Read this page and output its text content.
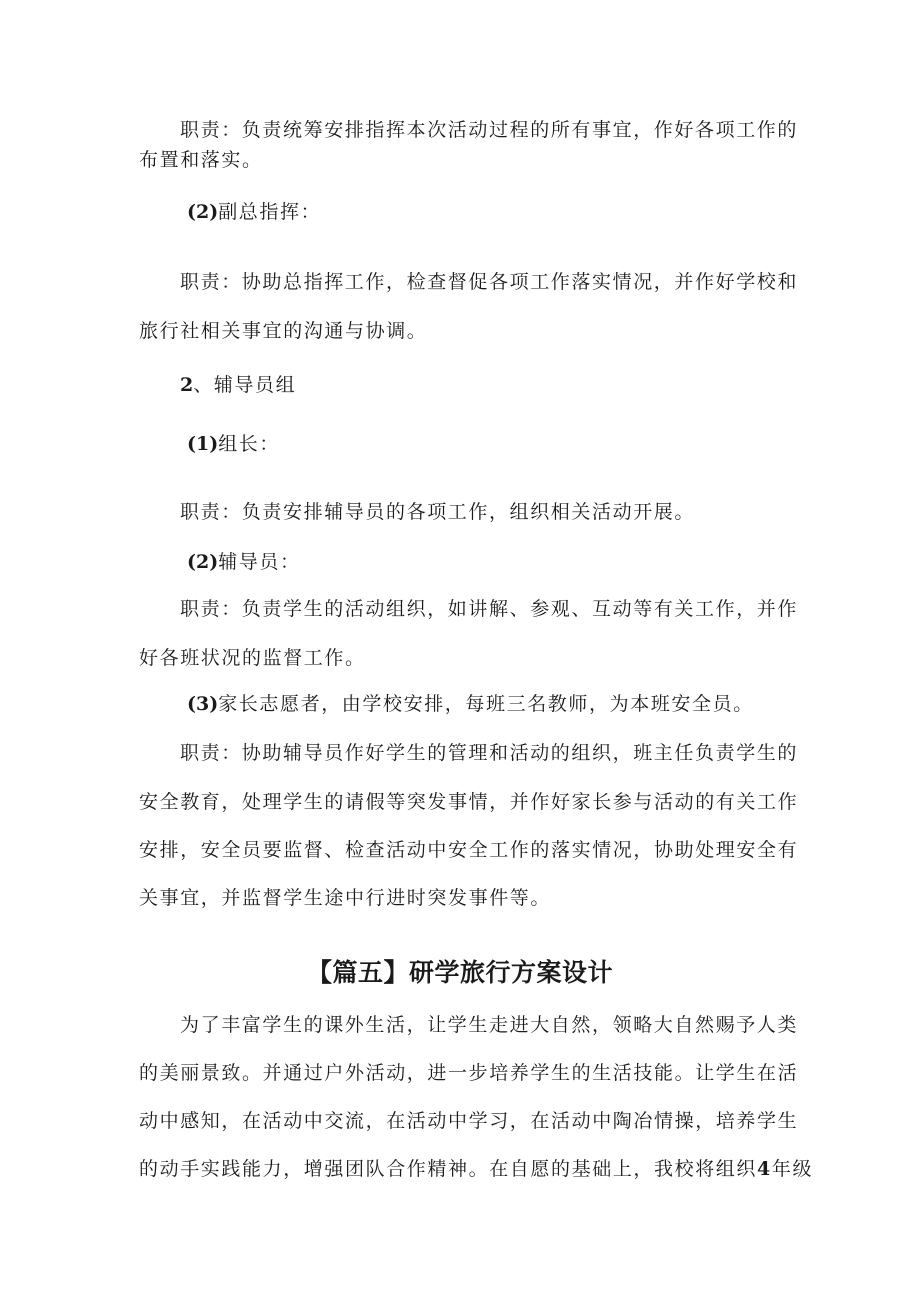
职责：负责统筹安排指挥本次活动过程的所有事宜，作好各项工作的
布置和落实。
(2)副总指挥：
职责：协助总指挥工作，检查督促各项工作落实情况，并作好学校和
旅行社相关事宜的沟通与协调。
2、辅导员组
(1)组长：
职责：负责安排辅导员的各项工作，组织相关活动开展。
(2)辅导员：
职责：负责学生的活动组织，如讲解、参观、互动等有关工作，并作
好各班状况的监督工作。
(3)家长志愿者，由学校安排，每班三名教师，为本班安全员。
职责：协助辅导员作好学生的管理和活动的组织，班主任负责学生的
安全教育，处理学生的请假等突发事情，并作好家长参与活动的有关工作
安排，安全员要监督、检查活动中安全工作的落实情况，协助处理安全有
关事宜，并监督学生途中行进时突发事件等。
【篇五】研学旅行方案设计
为了丰富学生的课外生活，让学生走进大自然，领略大自然赐予人类
的美丽景致。并通过户外活动，进一步培养学生的生活技能。让学生在活
动中感知，在活动中交流，在活动中学习，在活动中陶冶情操，培养学生
的动手实践能力，增强团队合作精神。在自愿的基础上，我校将组织4年级
